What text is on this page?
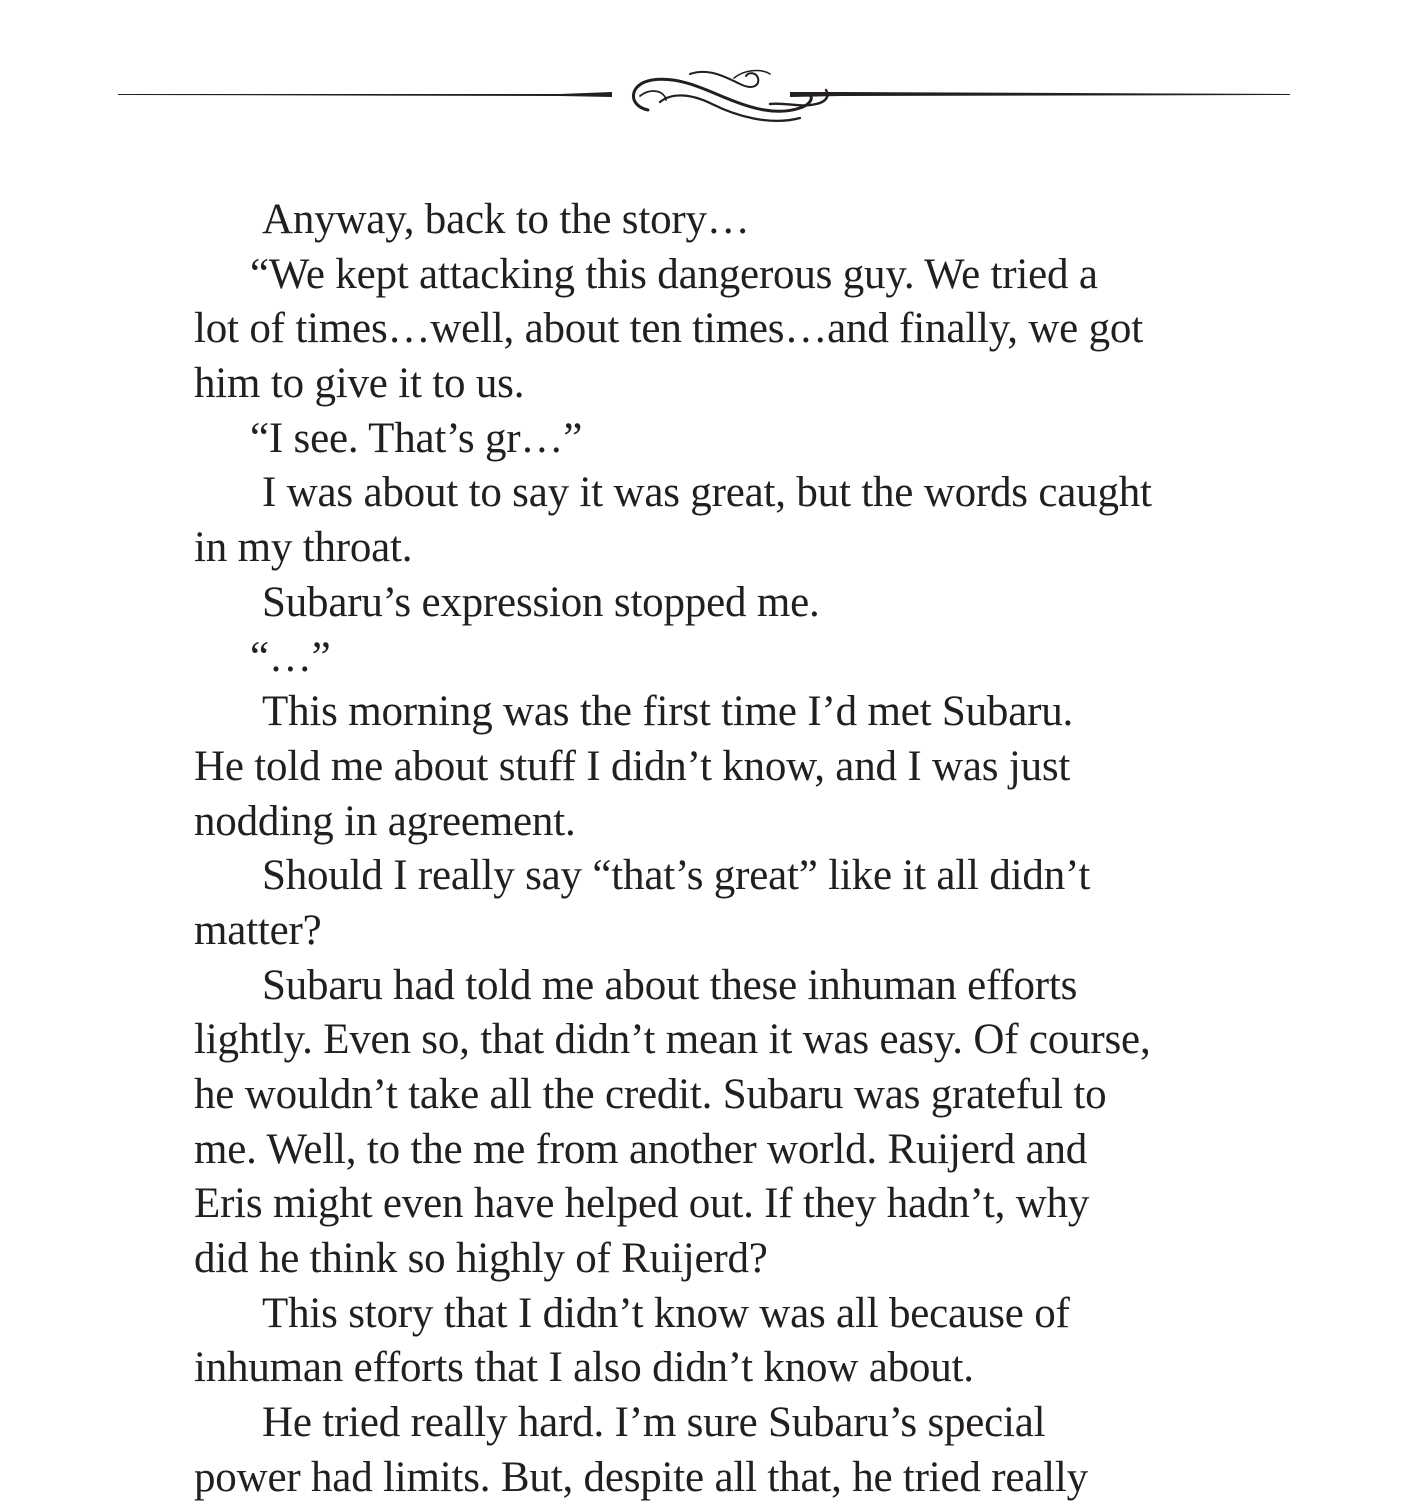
Anyway, back to the story…
“We kept attacking this dangerous guy. We tried a
lot of times…well, about ten times…and finally, we got
him to give it to us.
“I see. That’s gr…”
I was about to say it was great, but the words caught
in my throat.
Subaru’s expression stopped me.
“…”
This morning was the first time I’d met Subaru.
He told me about stuff I didn’t know, and I was just
nodding in agreement.
Should I really say “that’s great” like it all didn’t
matter?
Subaru had told me about these inhuman efforts
lightly. Even so, that didn’t mean it was easy. Of course,
he wouldn’t take all the credit. Subaru was grateful to
me. Well, to the me from another world. Ruijerd and
Eris might even have helped out. If they hadn’t, why
did he think so highly of Ruijerd?
This story that I didn’t know was all because of
inhuman efforts that I also didn’t know about.
He tried really hard. I’m sure Subaru’s special
power had limits. But, despite all that, he tried really
